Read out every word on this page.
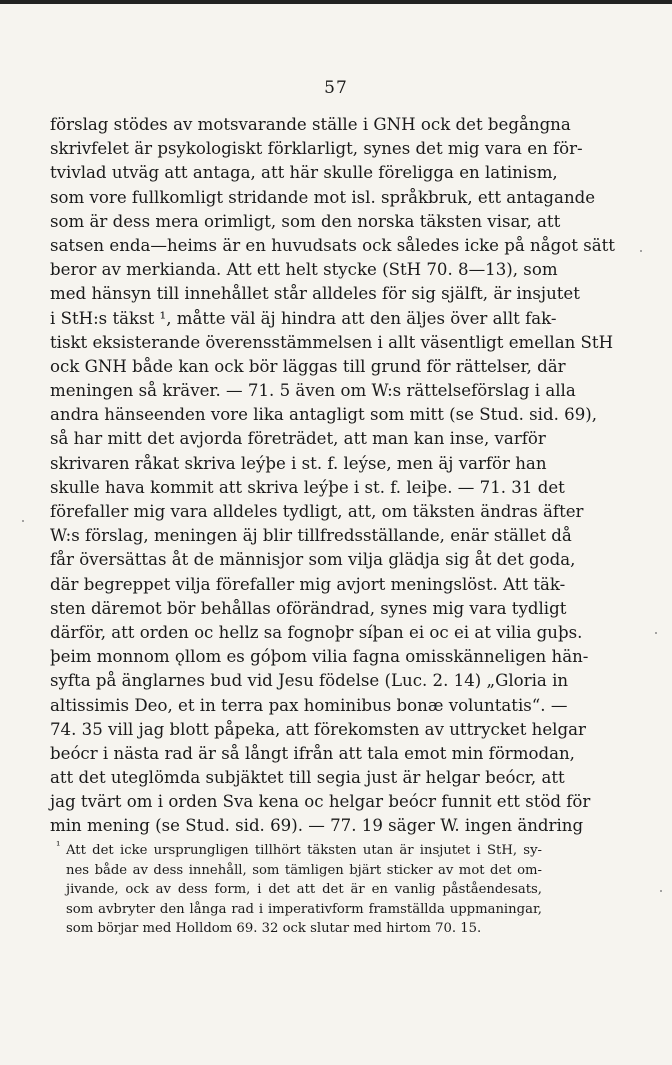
57
förslag stödes av motsvarande ställe i GNH ock det begångna
skrivfelet är psykologiskt förklarligt, synes det mig vara en för-
tvivlad utväg att antaga, att här skulle föreligga en latinism,
som vore fullkomligt stridande mot isl. språkbruk, ett antagande
som är dess mera orimligt, som den norska täksten visar, att
satsen enda—heims är en huvudsats ock således icke på något sätt
beror av merkianda. Att ett helt stycke (StH 70. 8—13), som
med hänsyn till innehållet står alldeles för sig själft, är insjutet
i StH:s täkst ¹, måtte väl äj hindra att den äljes över allt fak-
tiskt eksisterande överensstämmelsen i allt väsentligt emellan StH
ock GNH både kan ock bör läggas till grund för rättelser, där
meningen så kräver. — 71. 5 även om W:s rättelseförslag i alla
andra hänseenden vore lika antagligt som mitt (se Stud. sid. 69),
så har mitt det avjorda företrädet, att man kan inse, varför
skrivaren råkat skriva leýþe i st. f. leýse, men äj varför han
skulle hava kommit att skriva leýþe i st. f. leiþe. — 71. 31 det
förefaller mig vara alldeles tydligt, att, om täksten ändras äfter
W:s förslag, meningen äj blir tillfredsställande, enär stället då
får översättas åt de männisjor som vilja glädja sig åt det goda,
där begreppet vilja förefaller mig avjort meningslöst. Att täk-
sten däremot bör behållas oförändrad, synes mig vara tydligt
därför, att orden oc hellz sa fognoþr síþan ei oc ei at vilia guþs.
þeim monnom ǫllom es góþom vilia fagna omisskänneligen hän-
syfta på änglarnes bud vid Jesu födelse (Luc. 2. 14) „Gloria in
altissimis Deo, et in terra pax hominibus bonæ voluntatis“. —
74. 35 vill jag blott påpeka, att förekomsten av uttrycket helgar
beócr i nästa rad är så långt ifrån att tala emot min förmodan,
att det uteglömda subjäktet till segia just är helgar beócr, att
jag tvärt om i orden Sva kena oc helgar beócr funnit ett stöd för
min mening (se Stud. sid. 69). — 77. 19 säger W. ingen ändring
¹ Att det icke ursprungligen tillhört täksten utan är insjutet i StH, sy-
nes både av dess innehåll, som tämligen bjärt sticker av mot det om-
jivande, ock av dess form, i det att det är en vanlig påståendesats,
som avbryter den långa rad i imperativform framställda uppmaningar,
som börjar med Holldom 69. 32 ock slutar med hirtom 70. 15.
